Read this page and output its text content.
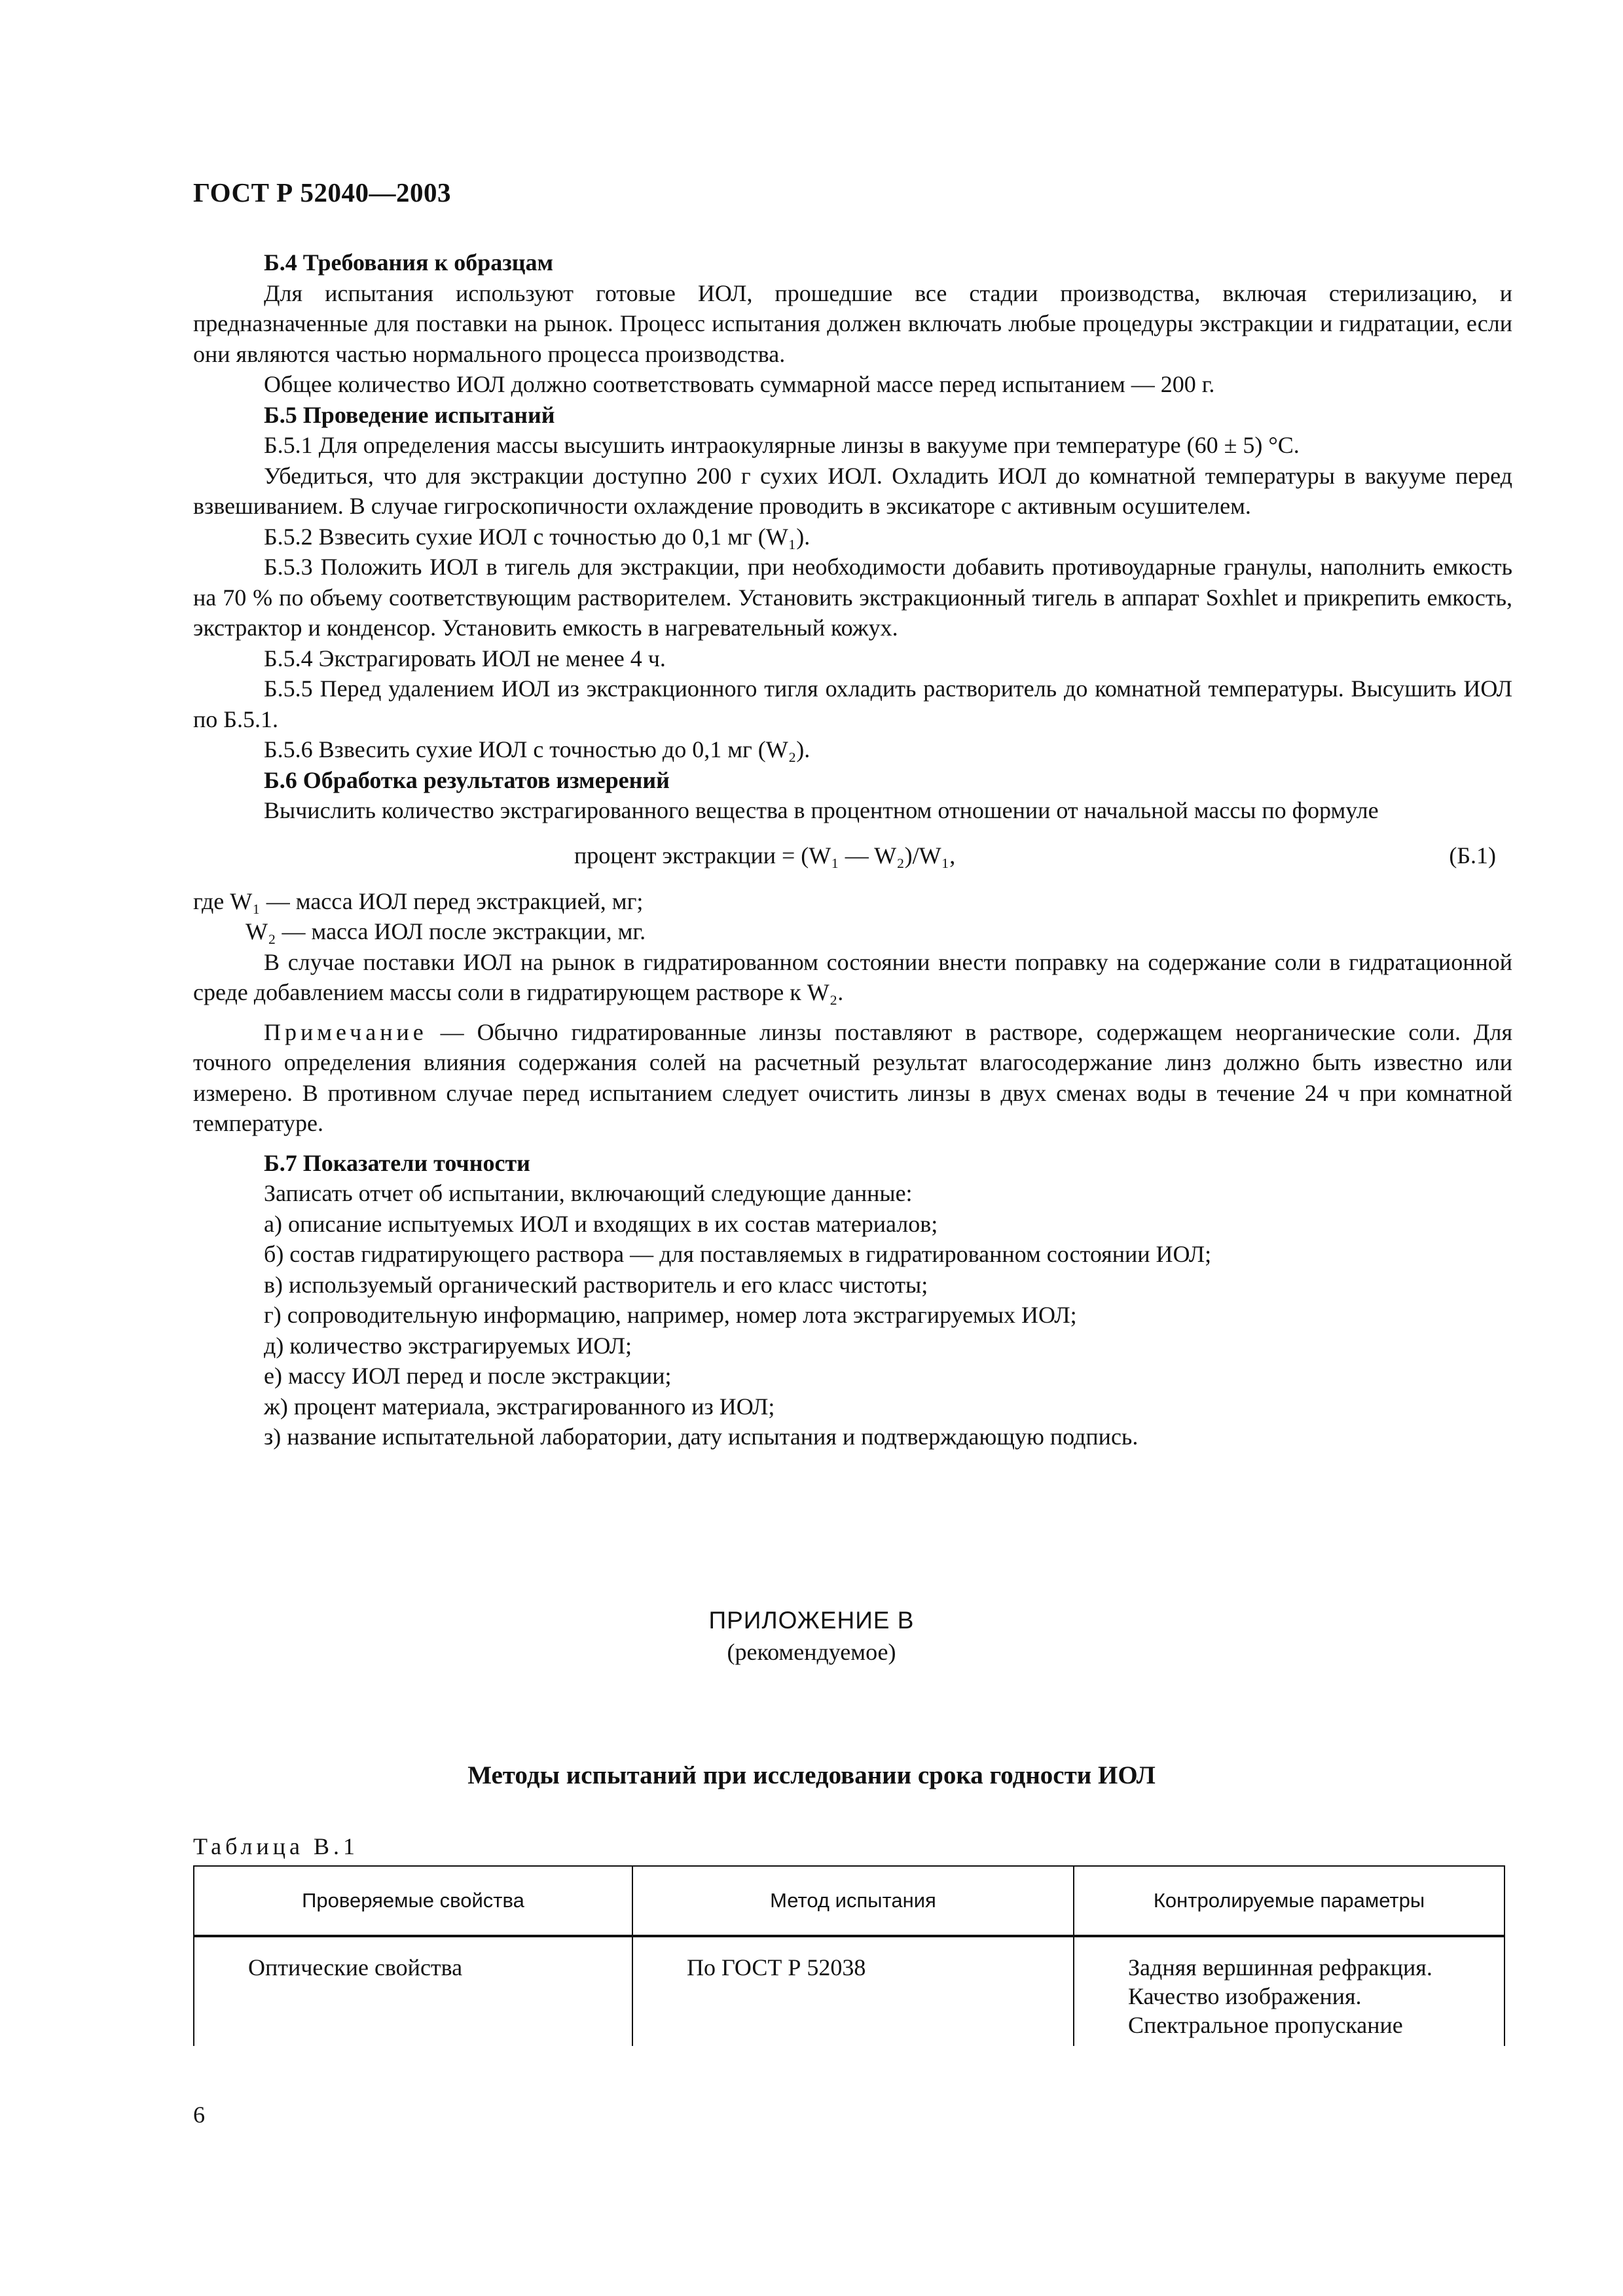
ГОСТ Р 52040—2003
Б.4 Требования к образцам

Для испытания используют готовые ИОЛ, прошедшие все стадии производства, включая стерилизацию, и предназначенные для поставки на рынок. Процесс испытания должен включать любые процедуры экстракции и гидратации, если они являются частью нормального процесса производства.

Общее количество ИОЛ должно соответствовать суммарной массе перед испытанием — 200 г.

Б.5 Проведение испытаний

Б.5.1 Для определения массы высушить интраокулярные линзы в вакууме при температуре (60 ± 5) °С.

Убедиться, что для экстракции доступно 200 г сухих ИОЛ. Охладить ИОЛ до комнатной температуры в вакууме перед взвешиванием. В случае гигроскопичности охлаждение проводить в эксикаторе с активным осушителем.

Б.5.2 Взвесить сухие ИОЛ с точностью до 0,1 мг (W₁).

Б.5.3 Положить ИОЛ в тигель для экстракции, при необходимости добавить противоударные гранулы, наполнить емкость на 70 % по объему соответствующим растворителем. Установить экстракционный тигель в аппарат Soxhlet и прикрепить емкость, экстрактор и конденсор. Установить емкость в нагревательный кожух.

Б.5.4 Экстрагировать ИОЛ не менее 4 ч.

Б.5.5 Перед удалением ИОЛ из экстракционного тигля охладить растворитель до комнатной температуры. Высушить ИОЛ по Б.5.1.

Б.5.6 Взвесить сухие ИОЛ с точностью до 0,1 мг (W₂).

Б.6 Обработка результатов измерений

Вычислить количество экстрагированного вещества в процентном отношении от начальной массы по формуле

процент экстракции = (W₁ — W₂)/W₁,	(Б.1)

где W₁ — масса ИОЛ перед экстракцией, мг;

W₂ — масса ИОЛ после экстракции, мг.

В случае поставки ИОЛ на рынок в гидратированном состоянии внести поправку на содержание соли в гидратационной среде добавлением массы соли в гидратирующем растворе к W₂.

Примечание — Обычно гидратированные линзы поставляют в растворе, содержащем неорганические соли. Для точного определения влияния содержания солей на расчетный результат влагосодержание линз должно быть известно или измерено. В противном случае перед испытанием следует очистить линзы в двух сменах воды в течение 24 ч при комнатной температуре.

Б.7 Показатели точности

Записать отчет об испытании, включающий следующие данные:

а) описание испытуемых ИОЛ и входящих в их состав материалов;

б) состав гидратирующего раствора — для поставляемых в гидратированном состоянии ИОЛ;

в) используемый органический растворитель и его класс чистоты;

г) сопроводительную информацию, например, номер лота экстрагируемых ИОЛ;

д) количество экстрагируемых ИОЛ;

е) массу ИОЛ перед и после экстракции;

ж) процент материала, экстрагированного из ИОЛ;

з) название испытательной лаборатории, дату испытания и подтверждающую подпись.

ПРИЛОЖЕНИЕ В
(рекомендуемое)
Методы испытаний при исследовании срока годности ИОЛ
Таблица В.1
Проверяемые свойства	Метод испытания	Контролируемые параметры
Оптические свойства	По ГОСТ Р 52038	Задняя вершинная рефракция.
Качество изображения.
Спектральное пропускание
6
